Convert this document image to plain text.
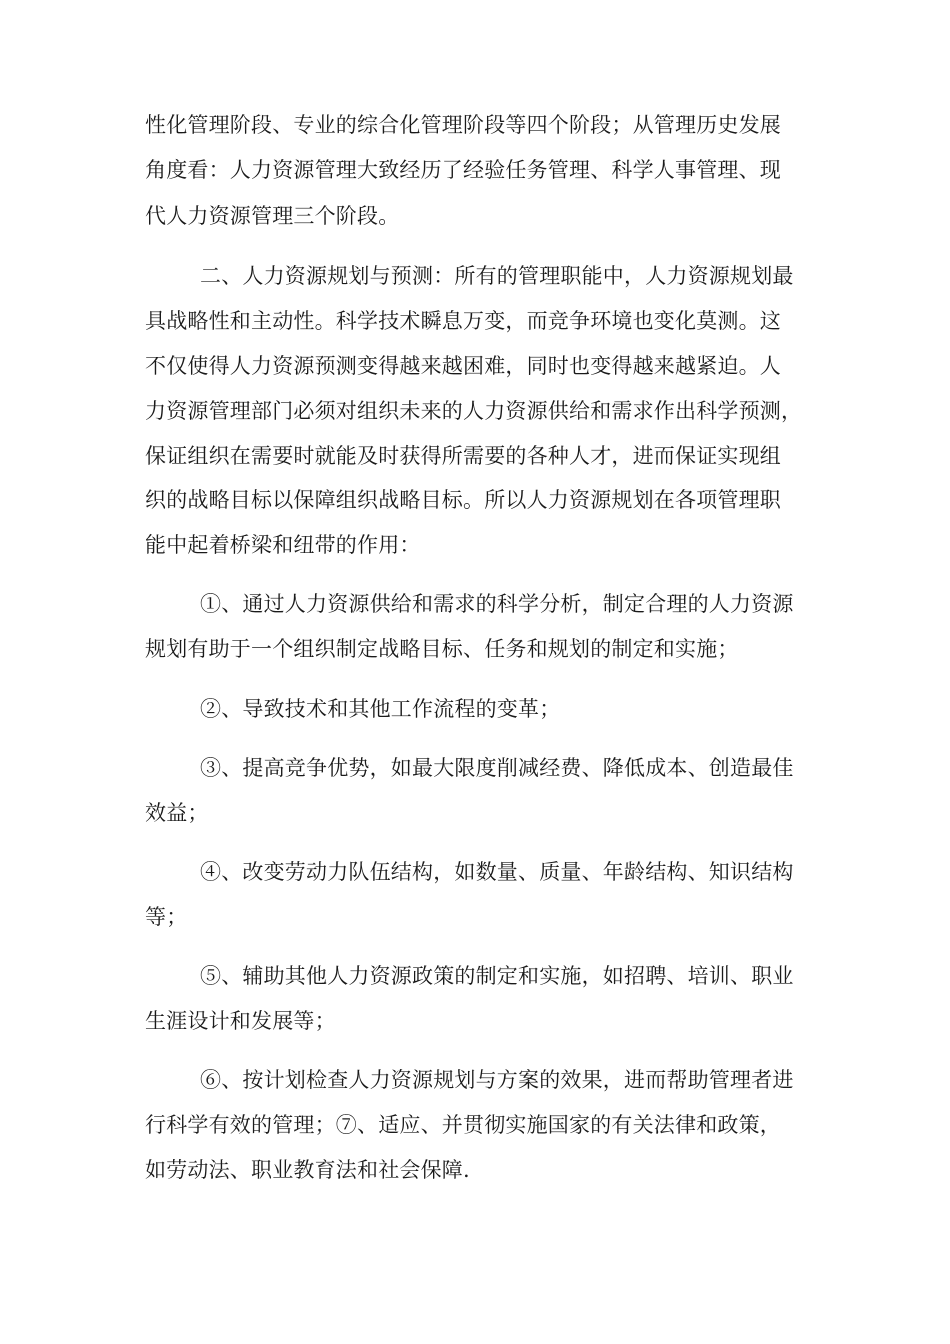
性化管理阶段、专业的综合化管理阶段等四个阶段；从管理历史发展
角度看：人力资源管理大致经历了经验任务管理、科学人事管理、现
代人力资源管理三个阶段。
二、人力资源规划与预测：所有的管理职能中，人力资源规划最
具战略性和主动性。科学技术瞬息万变，而竞争环境也变化莫测。这
不仅使得人力资源预测变得越来越困难，同时也变得越来越紧迫。人
力资源管理部门必须对组织未来的人力资源供给和需求作出科学预测，
保证组织在需要时就能及时获得所需要的各种人才，进而保证实现组
织的战略目标以保障组织战略目标。所以人力资源规划在各项管理职
能中起着桥梁和纽带的作用：
①、通过人力资源供给和需求的科学分析，制定合理的人力资源
规划有助于一个组织制定战略目标、任务和规划的制定和实施；
②、导致技术和其他工作流程的变革；
③、提高竞争优势，如最大限度削减经费、降低成本、创造最佳
效益；
④、改变劳动力队伍结构，如数量、质量、年龄结构、知识结构
等；
⑤、辅助其他人力资源政策的制定和实施，如招聘、培训、职业
生涯设计和发展等；
⑥、按计划检查人力资源规划与方案的效果，进而帮助管理者进
行科学有效的管理；⑦、适应、并贯彻实施国家的有关法律和政策，
如劳动法、职业教育法和社会保障.
